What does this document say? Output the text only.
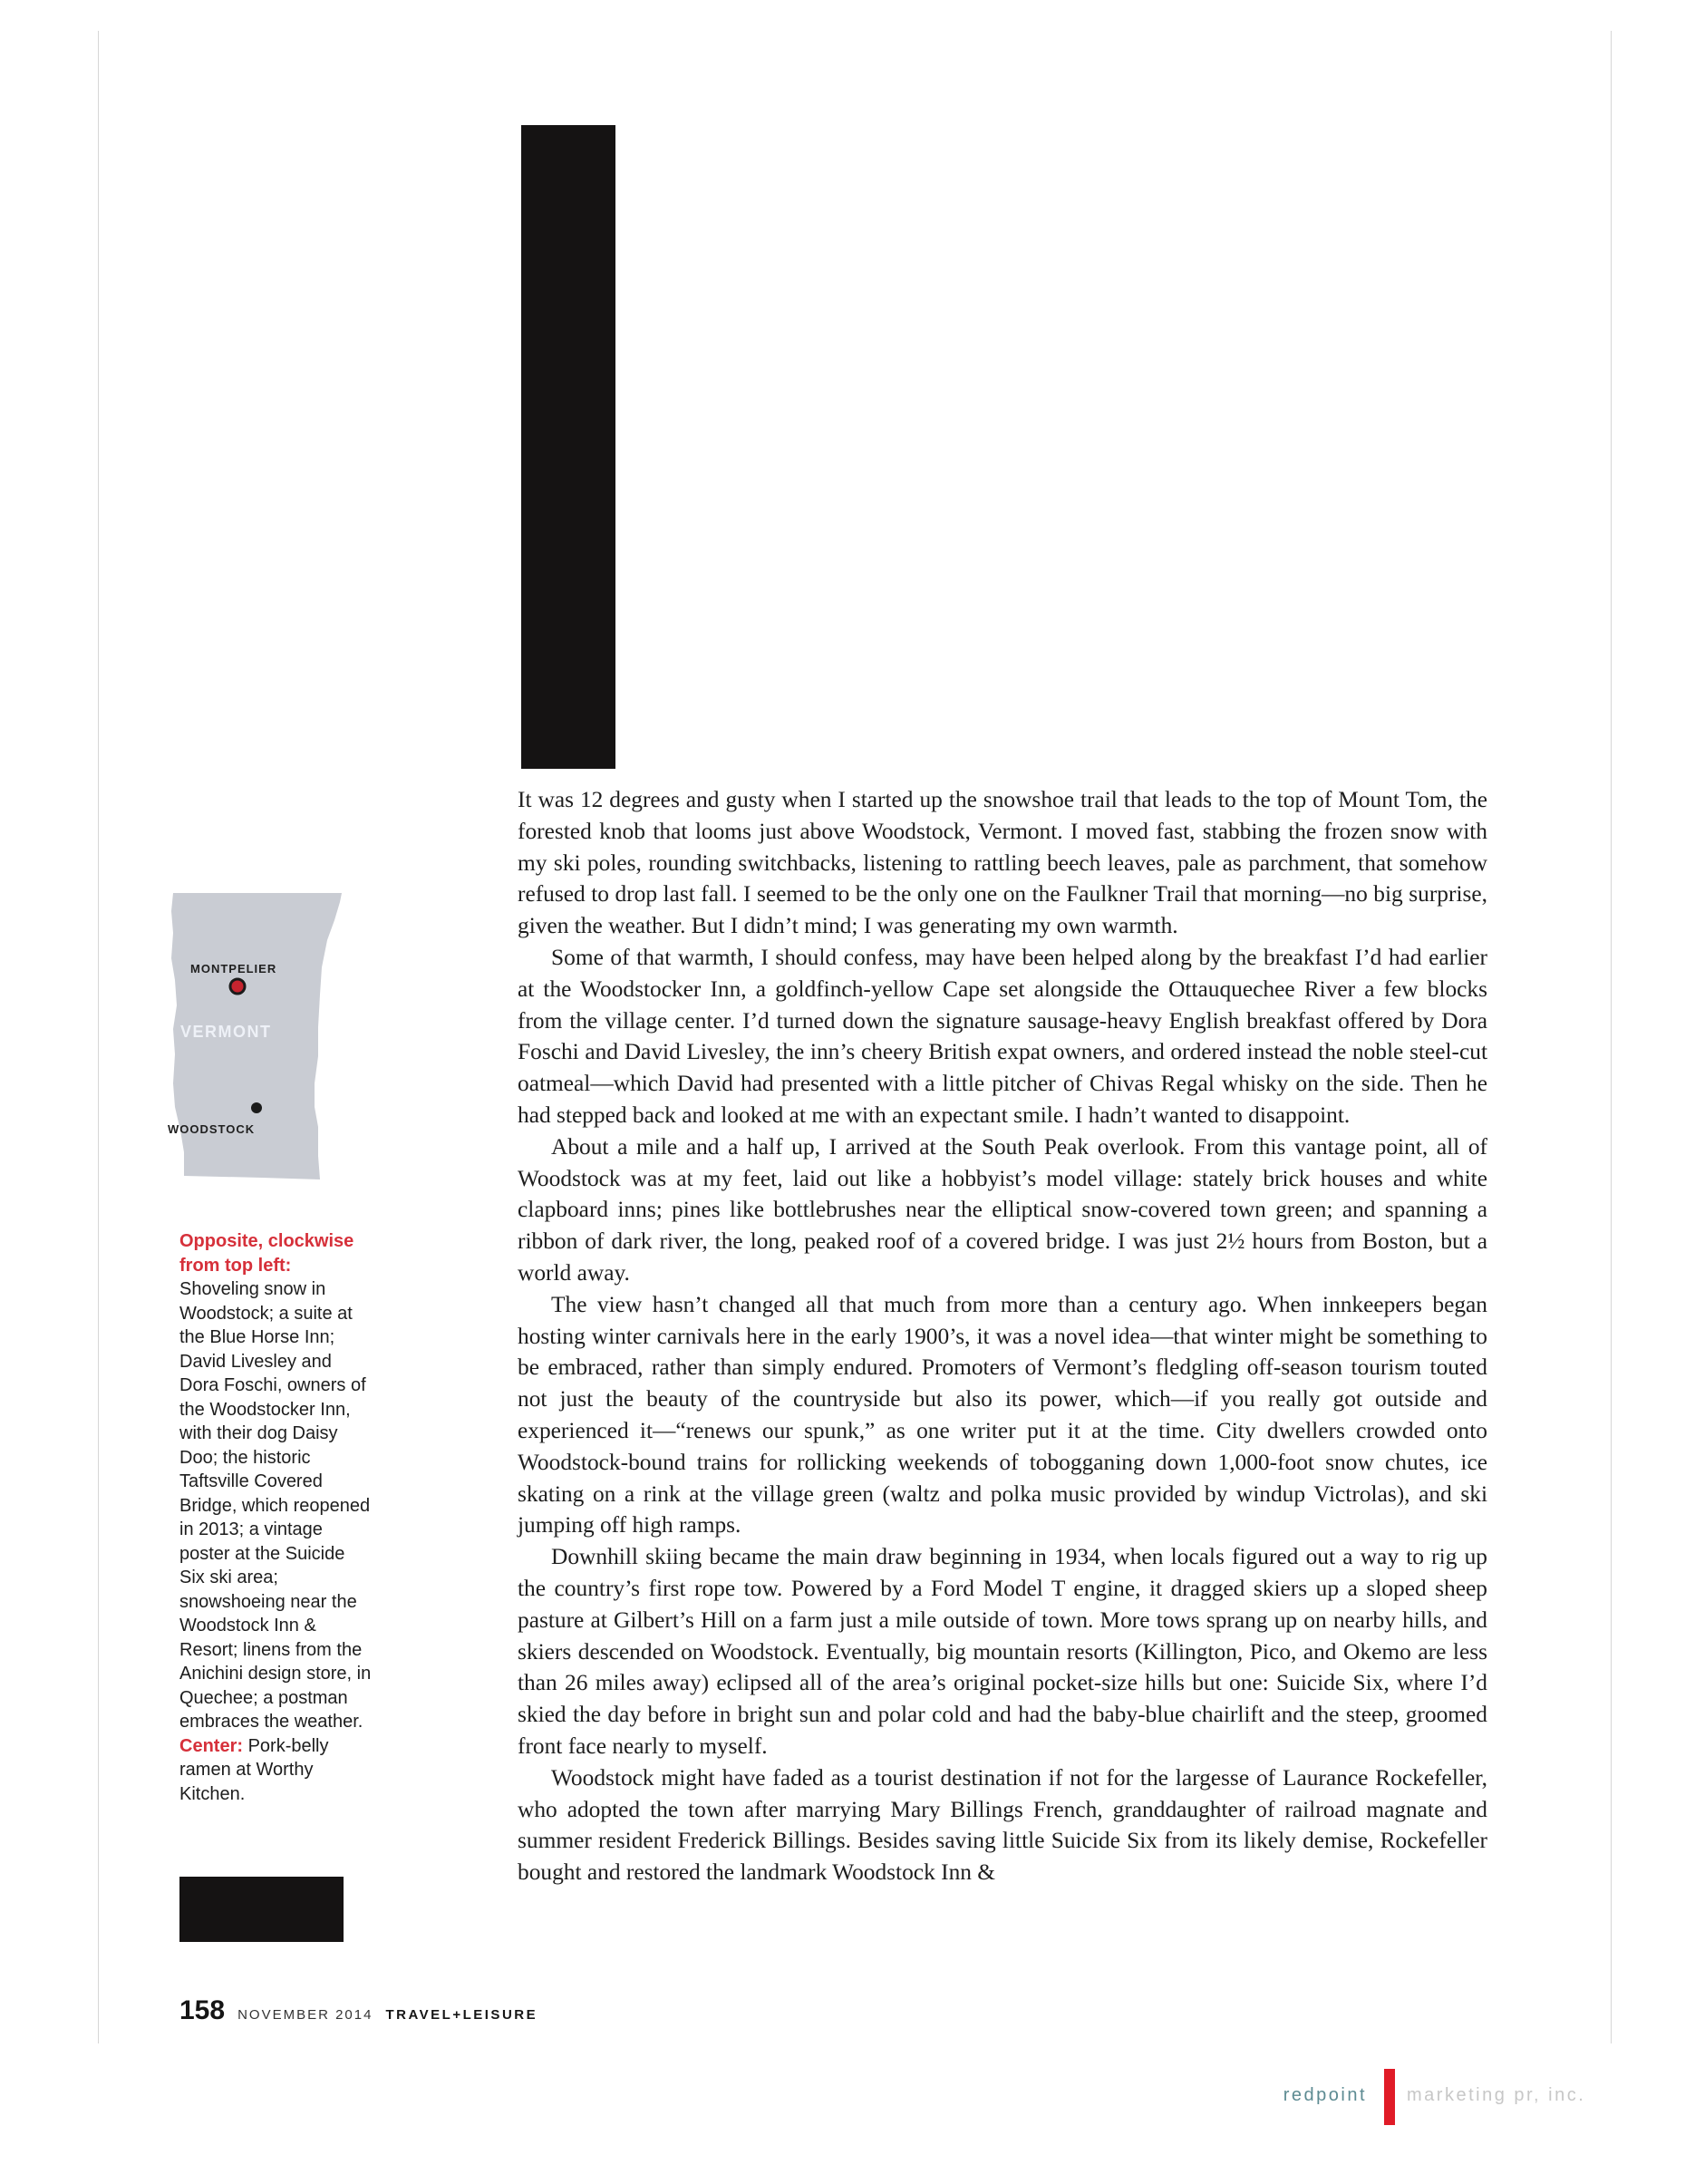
MONTPELIER
VERMONT
WOODSTOCK
Opposite, clockwise from top left: Shoveling snow in Woodstock; a suite at the Blue Horse Inn; David Livesley and Dora Foschi, owners of the Woodstocker Inn, with their dog Daisy Doo; the historic Taftsville Covered Bridge, which reopened in 2013; a vintage poster at the Suicide Six ski area; snowshoeing near the Woodstock Inn & Resort; linens from the Anichini design store, in Quechee; a postman embraces the weather. Center: Pork-belly ramen at Worthy Kitchen.

It was 12 degrees and gusty when I started up the snowshoe trail that leads to the top of Mount Tom, the forested knob that looms just above Woodstock, Vermont. I moved fast, stabbing the frozen snow with my ski poles, rounding switchbacks, listening to rattling beech leaves, pale as parchment, that somehow refused to drop last fall. I seemed to be the only one on the Faulkner Trail that morning—no big surprise, given the weather. But I didn’t mind; I was generating my own warmth.

Some of that warmth, I should confess, may have been helped along by the breakfast I’d had earlier at the Woodstocker Inn, a goldfinch-yellow Cape set alongside the Ottauquechee River a few blocks from the village center. I’d turned down the signature sausage-heavy English breakfast offered by Dora Foschi and David Livesley, the inn’s cheery British expat owners, and ordered instead the noble steel-cut oatmeal—which David had presented with a little pitcher of Chivas Regal whisky on the side. Then he had stepped back and looked at me with an expectant smile. I hadn’t wanted to disappoint.

About a mile and a half up, I arrived at the South Peak overlook. From this vantage point, all of Woodstock was at my feet, laid out like a hobbyist’s model village: stately brick houses and white clapboard inns; pines like bottlebrushes near the elliptical snow-covered town green; and spanning a ribbon of dark river, the long, peaked roof of a covered bridge. I was just 2½ hours from Boston, but a world away.

The view hasn’t changed all that much from more than a century ago. When innkeepers began hosting winter carnivals here in the early 1900’s, it was a novel idea—that winter might be something to be embraced, rather than simply endured. Promoters of Vermont’s fledgling off-season tourism touted not just the beauty of the countryside but also its power, which—if you really got outside and experienced it—“renews our spunk,” as one writer put it at the time. City dwellers crowded onto Woodstock-bound trains for rollicking weekends of tobogganing down 1,000-foot snow chutes, ice skating on a rink at the village green (waltz and polka music provided by windup Victrolas), and ski jumping off high ramps.

Downhill skiing became the main draw beginning in 1934, when locals figured out a way to rig up the country’s first rope tow. Powered by a Ford Model T engine, it dragged skiers up a sloped sheep pasture at Gilbert’s Hill on a farm just a mile outside of town. More tows sprang up on nearby hills, and skiers descended on Woodstock. Eventually, big mountain resorts (Killington, Pico, and Okemo are less than 26 miles away) eclipsed all of the area’s original pocket-size hills but one: Suicide Six, where I’d skied the day before in bright sun and polar cold and had the baby-blue chairlift and the steep, groomed front face nearly to myself.

Woodstock might have faded as a tourist destination if not for the largesse of Laurance Rockefeller, who adopted the town after marrying Mary Billings French, granddaughter of railroad magnate and summer resident Frederick Billings. Besides saving little Suicide Six from its likely demise, Rockefeller bought and restored the landmark Woodstock Inn &

158 NOVEMBER 2014 TRAVEL+LEISURE
redpoint marketing pr, inc.
